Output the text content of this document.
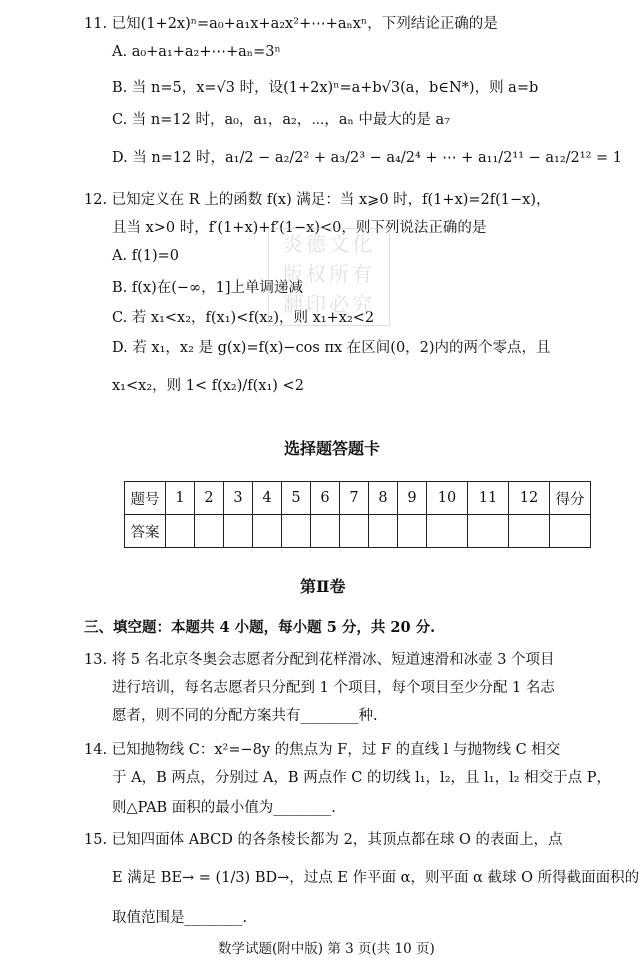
11. 已知(1+2x)ⁿ=a₀+a₁x+a₂x²+⋯+aₙxⁿ，下列结论正确的是
A. a₀+a₁+a₂+⋯+aₙ=3ⁿ
B. 当 n=5，x=√3 时，设(1+2x)ⁿ=a+b√3(a，b∈N*)，则 a=b
C. 当 n=12 时，a₀，a₁，a₂，⋯，aₙ 中最大的是 a₇
D. 当 n=12 时，a₁/2 − a₂/2² + a₃/2³ − a₄/2⁴ + ⋯ + a₁₁/2¹¹ − a₁₂/2¹² = 1
12. 已知定义在 R 上的函数 f(x) 满足：当 x⩾0 时，f(1+x)=2f(1−x)，
且当 x>0 时，f′(1+x)+f′(1−x)<0，则下列说法正确的是
A. f(1)=0
B. f(x)在(−∞，1]上单调递减
C. 若 x₁<x₂，f(x₁)<f(x₂)，则 x₁+x₂<2
D. 若 x₁，x₂ 是 g(x)=f(x)−cos πx 在区间(0，2)内的两个零点，且
x₁<x₂，则 1< f(x₂)/f(x₁) <2
炎德文化
版权所有
翻印必究
选择题答题卡
题号	1	2	3	4	5	6	7	8	9	10	11	12	得分
答案													
第Ⅱ卷
三、填空题：本题共 4 小题，每小题 5 分，共 20 分.
13. 将 5 名北京冬奥会志愿者分配到花样滑冰、短道速滑和冰壶 3 个项目
进行培训，每名志愿者只分配到 1 个项目，每个项目至少分配 1 名志
愿者，则不同的分配方案共有________种.
14. 已知抛物线 C：x²=−8y 的焦点为 F，过 F 的直线 l 与抛物线 C 相交
于 A，B 两点，分别过 A，B 两点作 C 的切线 l₁，l₂，且 l₁，l₂ 相交于点 P，
则△PAB 面积的最小值为________.
15. 已知四面体 ABCD 的各条棱长都为 2，其顶点都在球 O 的表面上，点
E 满足 BE→ = (1/3) BD→，过点 E 作平面 α，则平面 α 截球 O 所得截面面积的
取值范围是________.
数学试题(附中版) 第 3 页(共 10 页)
